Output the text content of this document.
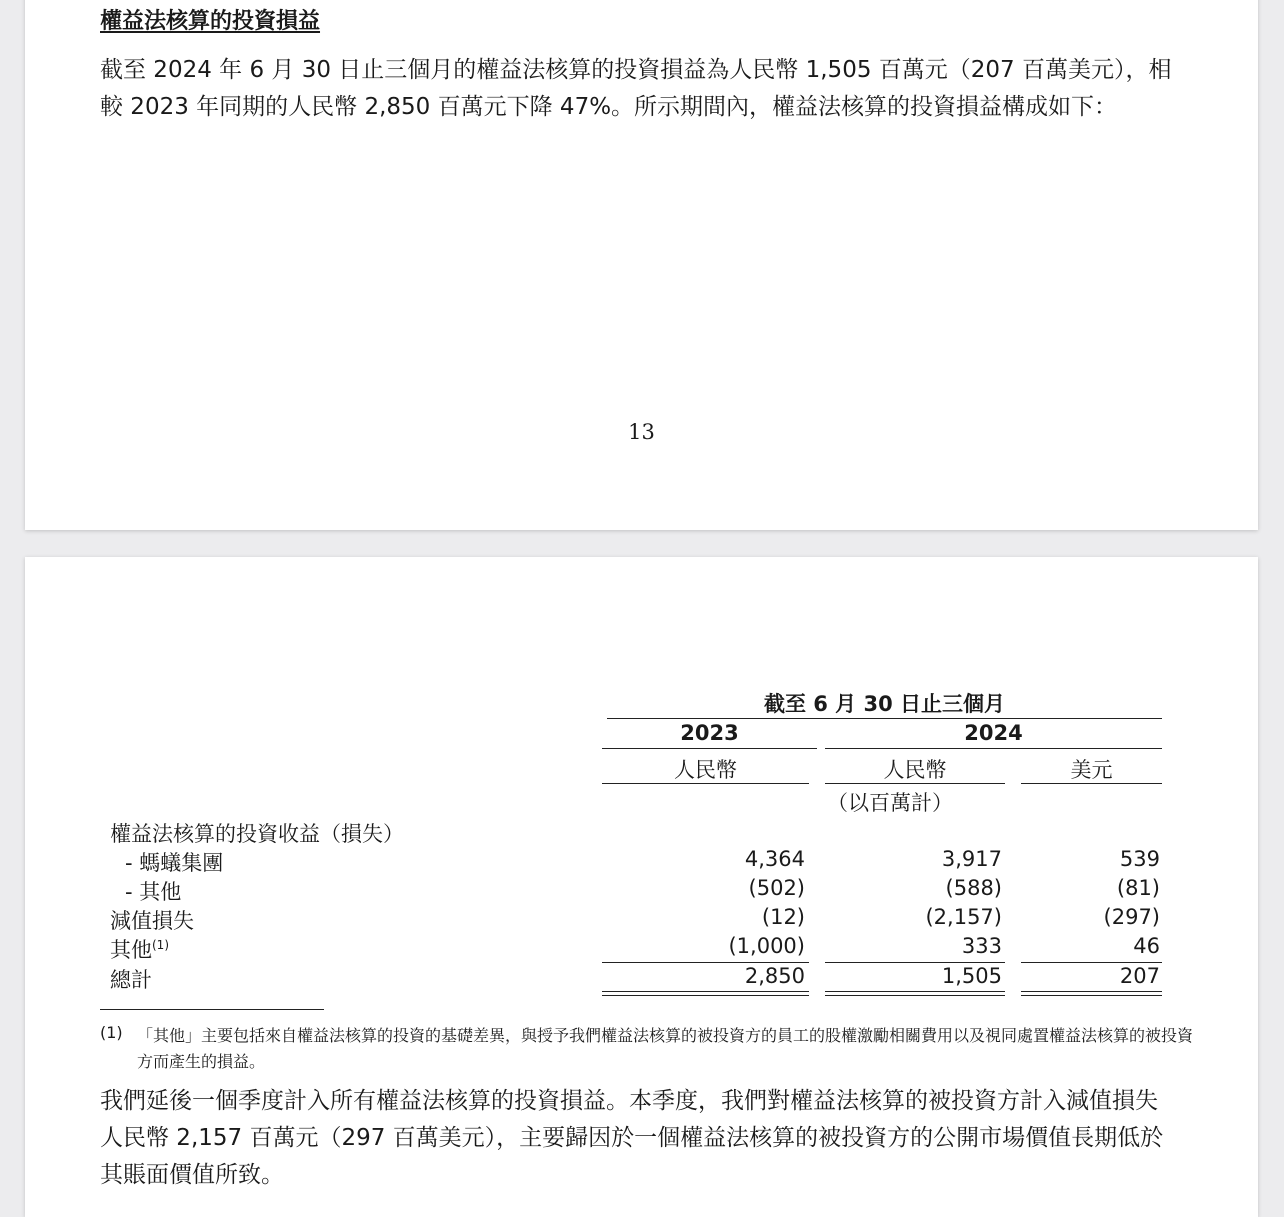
權益法核算的投資損益
截至 2024 年 6 月 30 日止三個月的權益法核算的投資損益為人民幣 1,505 百萬元（207 百萬美元），相較 2023 年同期的人民幣 2,850 百萬元下降 47%。所示期間內，權益法核算的投資損益構成如下：
13
截至 6 月 30 日止三個月
2023	2024
人民幣	人民幣	美元
（以百萬計）
權益法核算的投資收益（損失）
- 螞蟻集團	4,364	3,917	539
- 其他	(502)	(588)	(81)
減值損失	(12)	(2,157)	(297)
其他$^{(1)}$	(1,000)	333	46
總計	2,850	1,505	207
(1) 「其他」主要包括來自權益法核算的投資的基礎差異，與授予我們權益法核算的被投資方的員工的股權激勵相關費用以及視同處置權益法核算的被投資方而產生的損益。
我們延後一個季度計入所有權益法核算的投資損益。本季度，我們對權益法核算的被投資方計入減值損失人民幣 2,157 百萬元（297 百萬美元），主要歸因於一個權益法核算的被投資方的公開市場價值長期低於其賬面價值所致。
